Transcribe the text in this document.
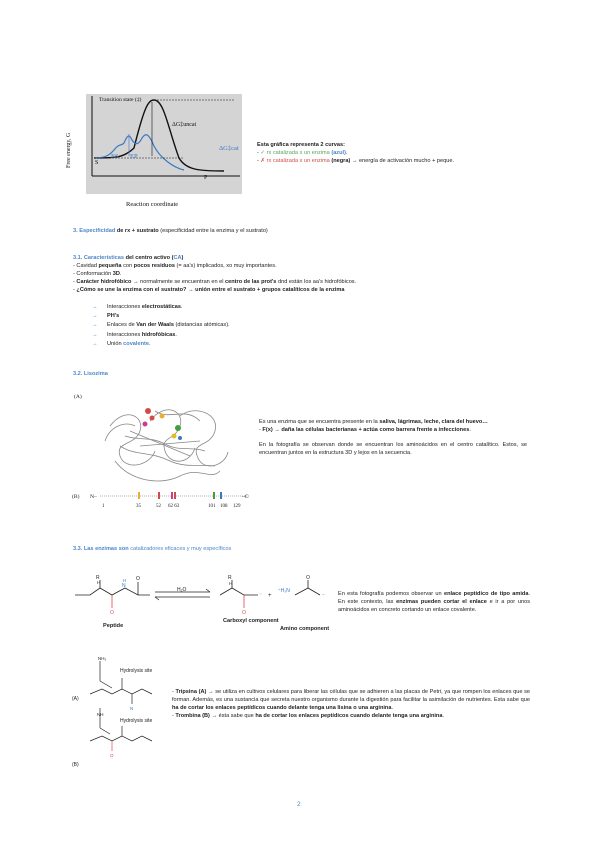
Transition state (‡)
ΔG‡uncat
S
P
ES EP
Free energy, G
Reaction coordinate
ΔG‡cat	Esta gráfica representa 2 curvas:

- ✓ rx catalizada x un enzima (azul).

- ✗ rx catalizada x un enzima (negra) → energía de activación mucho + peque.

3. Especificidad de rx + sustrato (especificidad entre la enzima y el sustrato)

3.1. Características del centro activo (CA)

- Cavidad pequeña con pocos residuos (= aa's) implicados, xo muy importantes.

- Conformación 3D.

- Carácter hidrofóbico → normalmente se encuentran en el centro de las prot's dnd están los aa's hidrofóbicos.

- ¿Cómo se une la enzima con el sustrato? → unión entre el sustrato + grupos catalíticos de la enzima

→ Interacciones electrostáticas.
→ PH's
→ Enlaces de Van der Waals (distancias atómicas).
→ Interacciones hidrofóbicas.
→ Unión covalente.
3.2. Lisozima
(A)
(B) N–
1	35	52 62 63	101 108 129
–C

Es una enzima que se encuentra presente en la saliva, lágrimas, leche, clara del huevo…

- F(x) → daña las células bacterianas + actúa como barrera frente a infecciones.

En la fotografía se observan donde se encuentran los aminoácidos en el centro catalítico. Estos, se encuentran juntos en la estructura 3D y lejos en la secuencia.

3.3. Las enzimas son catalizadores eficaces y muy específicos
R
H
N
H
O
O
Peptide
H₂O
R
H
O
⁻ +
⁺H₃N
O
⁻
Carboxyl component
Amino component

En esta fotografía podemos observar un enlace peptídico de tipo amida. En este contexto, las enzimas pueden cortar el enlace e ir a por unos aminoácidos en concreto cortando un enlace covalente.

NH₃
Hydrolysis site
N
(A)
NH
Hydrolysis site
O
(B)

- Tripsina (A) → se utiliza en cultivos celulares para liberar las células que se adhieren a las placas de Petri, ya que rompen los enlaces que se forman. Además, es una sustancia que secreta nuestro organismo durante la digestión para facilitar la asimilación de nutrientes. Esta sabe que ha de cortar los enlaces peptídicos cuando delante tenga una lisina o una arginina.

- Trombina (B) → ésta sabe que ha de cortar los enlaces peptídicos cuando delante tenga una arginina.

2
